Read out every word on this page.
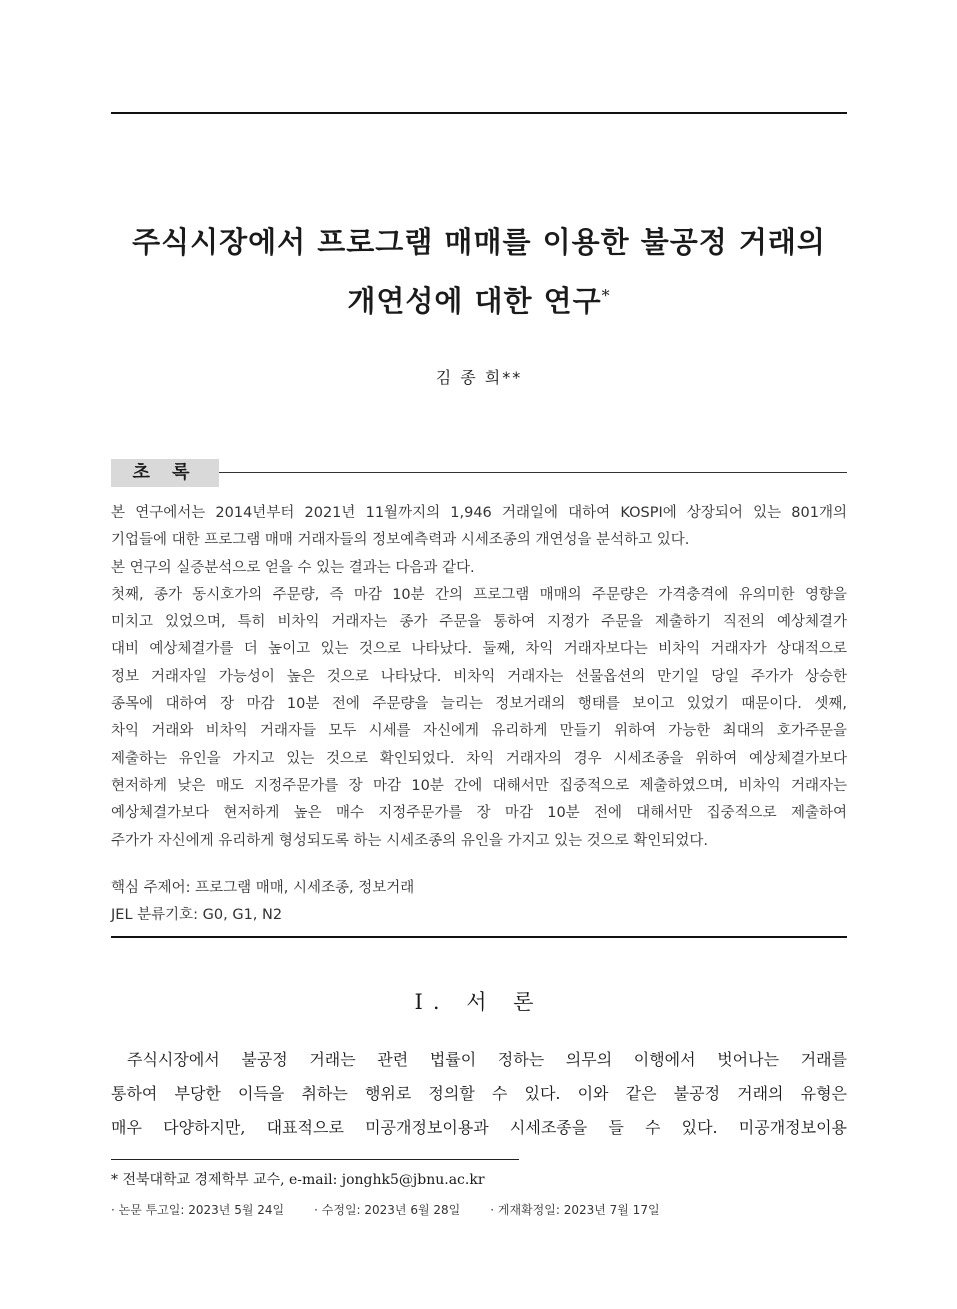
주식시장에서 프로그램 매매를 이용한 불공정 거래의
개연성에 대한 연구*
김 종 희**
초 록
본 연구에서는 2014년부터 2021년 11월까지의 1,946 거래일에 대하여 KOSPI에 상장되어 있는 801개의
기업들에 대한 프로그램 매매 거래자들의 정보예측력과 시세조종의 개연성을 분석하고 있다.
본 연구의 실증분석으로 얻을 수 있는 결과는 다음과 같다.
첫째, 종가 동시호가의 주문량, 즉 마감 10분 간의 프로그램 매매의 주문량은 가격충격에 유의미한 영향을
미치고 있었으며, 특히 비차익 거래자는 종가 주문을 통하여 지정가 주문을 제출하기 직전의 예상체결가
대비 예상체결가를 더 높이고 있는 것으로 나타났다. 둘째, 차익 거래자보다는 비차익 거래자가 상대적으로
정보 거래자일 가능성이 높은 것으로 나타났다. 비차익 거래자는 선물옵션의 만기일 당일 주가가 상승한
종목에 대하여 장 마감 10분 전에 주문량을 늘리는 정보거래의 행태를 보이고 있었기 때문이다. 셋째,
차익 거래와 비차익 거래자들 모두 시세를 자신에게 유리하게 만들기 위하여 가능한 최대의 호가주문을
제출하는 유인을 가지고 있는 것으로 확인되었다. 차익 거래자의 경우 시세조종을 위하여 예상체결가보다
현저하게 낮은 매도 지정주문가를 장 마감 10분 간에 대해서만 집중적으로 제출하였으며, 비차익 거래자는
예상체결가보다 현저하게 높은 매수 지정주문가를 장 마감 10분 전에 대해서만 집중적으로 제출하여
주가가 자신에게 유리하게 형성되도록 하는 시세조종의 유인을 가지고 있는 것으로 확인되었다.
핵심 주제어: 프로그램 매매, 시세조종, 정보거래
JEL 분류기호: G0, G1, N2
Ⅰ. 서 론
주식시장에서 불공정 거래는 관련 법률이 정하는 의무의 이행에서 벗어나는 거래를
통하여 부당한 이득을 취하는 행위로 정의할 수 있다. 이와 같은 불공정 거래의 유형은
매우 다양하지만, 대표적으로 미공개정보이용과 시세조종을 들 수 있다. 미공개정보이용
* 전북대학교 경제학부 교수, e-mail: jonghk5@jbnu.ac.kr
· 논문 투고일: 2023년 5월 24일	· 수정일: 2023년 6월 28일	· 게재확정일: 2023년 7월 17일
